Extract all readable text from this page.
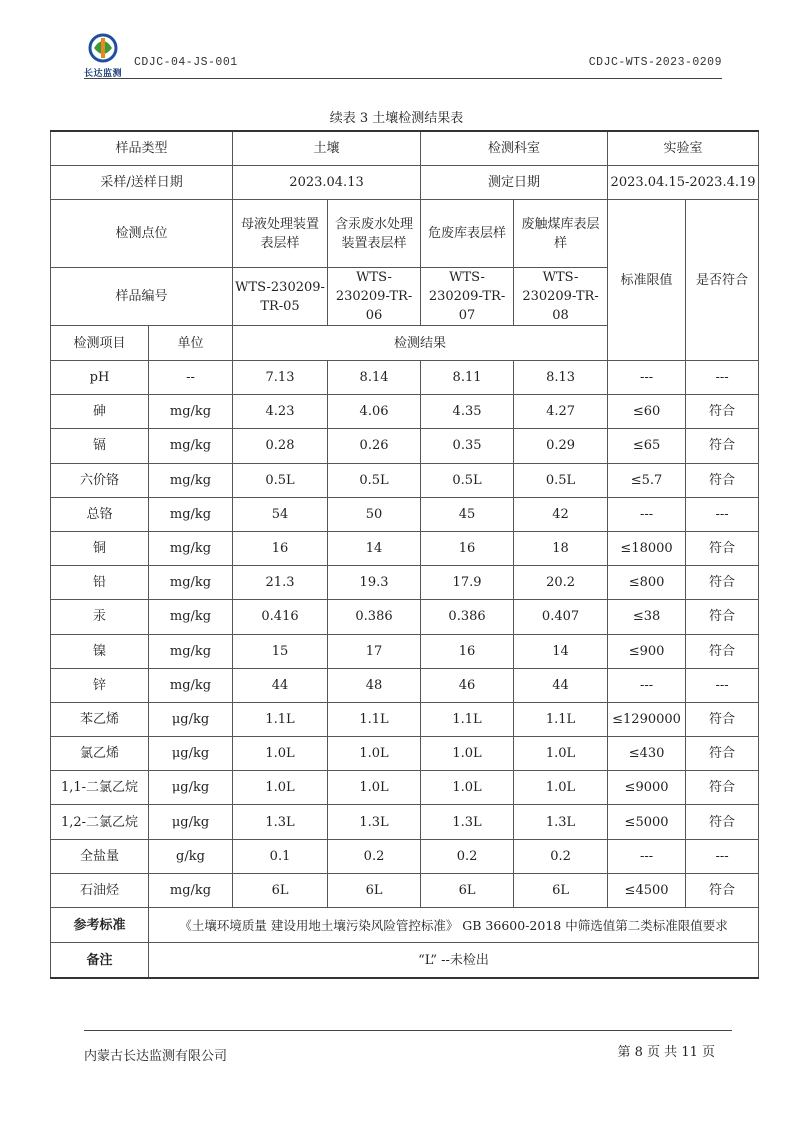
长达监测
CDJC-04-JS-001	CDJC-WTS-2023-0209
续表 3 土壤检测结果表
样品类型		土壤		检测科室		实验室	
采样/送样日期		2023.04.13		测定日期		2023.04.15-2023.4.19	
检测点位		母液处理装置表层样	含汞废水处理装置表层样	危废库表层样	废触煤库表层样	标准限值	是否符合
样品编号		WTS-230209-TR-05	WTS-230209-TR-06	WTS-230209-TR-07	WTS-230209-TR-08		
检测项目	单位	检测结果					
pH	--	7.13	8.14	8.11	8.13	---	---
砷	mg/kg	4.23	4.06	4.35	4.27	≤60	符合
镉	mg/kg	0.28	0.26	0.35	0.29	≤65	符合
六价铬	mg/kg	0.5L	0.5L	0.5L	0.5L	≤5.7	符合
总铬	mg/kg	54	50	45	42	---	---
铜	mg/kg	16	14	16	18	≤18000	符合
铅	mg/kg	21.3	19.3	17.9	20.2	≤800	符合
汞	mg/kg	0.416	0.386	0.386	0.407	≤38	符合
镍	mg/kg	15	17	16	14	≤900	符合
锌	mg/kg	44	48	46	44	---	---
苯乙烯	μg/kg	1.1L	1.1L	1.1L	1.1L	≤1290000	符合
氯乙烯	μg/kg	1.0L	1.0L	1.0L	1.0L	≤430	符合
1,1-二氯乙烷	μg/kg	1.0L	1.0L	1.0L	1.0L	≤9000	符合
1,2-二氯乙烷	μg/kg	1.3L	1.3L	1.3L	1.3L	≤5000	符合
全盐量	g/kg	0.1	0.2	0.2	0.2	---	---
石油烃	mg/kg	6L	6L	6L	6L	≤4500	符合
参考标准	《土壤环境质量 建设用地土壤污染风险管控标准》 GB 36600-2018 中筛选值第二类标准限值要求						
备注	“L” --未检出						
内蒙古长达监测有限公司	第 8 页 共 11 页
